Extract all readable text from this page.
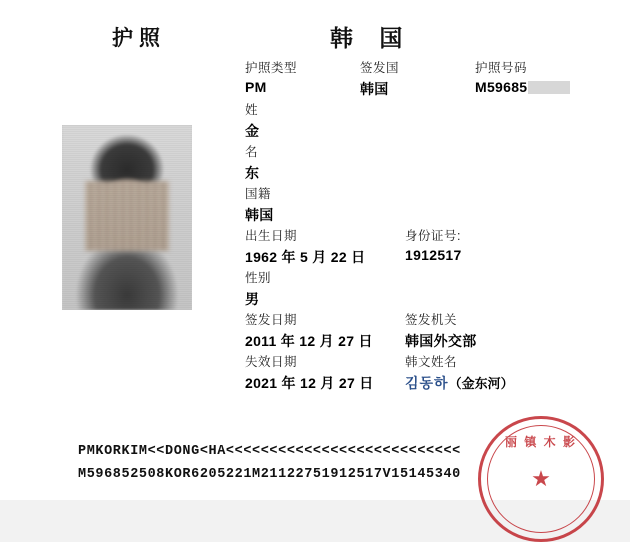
护照	韩 国
护照类型	签发国	护照号码
PM	韩国	M59685
姓
金
名
东
国籍
韩国
出生日期	身份证号:
1962 年 5 月 22 日	1912517
性别
男
签发日期	签发机关
2011 年 12 月 27 日 韩国外交部
失效日期	韩文姓名
2021 年 12 月 27 日 김동하（金东河）
PMKORKIM<<DONG<HA<<<<<<<<<<<<<<<<<<<<<<<<<<<
M596852508KOR6205221M21122751912517V15145340
丽 镇 木 影
★
